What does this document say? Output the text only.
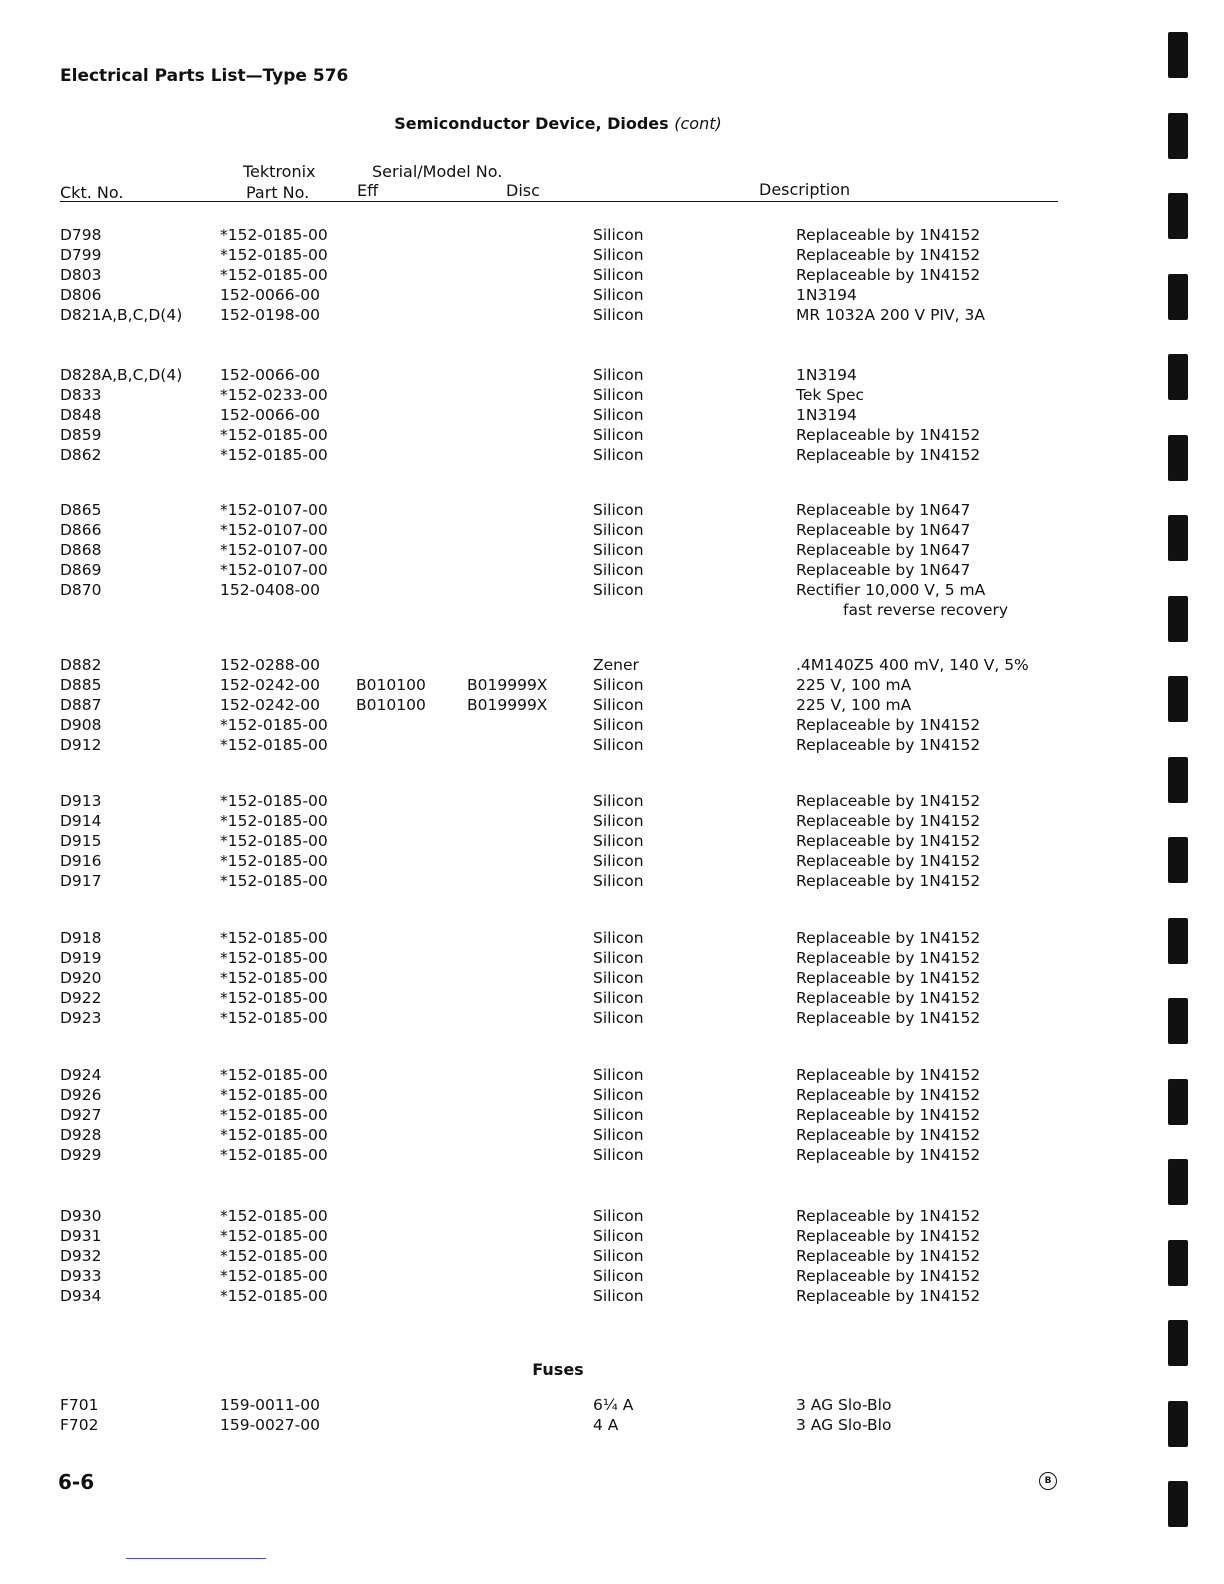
Electrical Parts List—Type 576
Semiconductor Device, Diodes (cont)
Tektronix
Part No.
Serial/Model No.
Ckt. No.	Eff	Disc	Description
D798	*152-0185-00	Silicon	Replaceable by 1N4152
D799	*152-0185-00	Silicon	Replaceable by 1N4152
D803	*152-0185-00	Silicon	Replaceable by 1N4152
D806	152-0066-00	Silicon	1N3194
D821A,B,C,D(4) 152-0198-00	Silicon	MR 1032A 200 V PIV, 3A
D828A,B,C,D(4) 152-0066-00	Silicon	1N3194
D833	*152-0233-00	Silicon	Tek Spec
D848	152-0066-00	Silicon	1N3194
D859	*152-0185-00	Silicon	Replaceable by 1N4152
D862	*152-0185-00	Silicon	Replaceable by 1N4152
D865	*152-0107-00	Silicon	Replaceable by 1N647
D866	*152-0107-00	Silicon	Replaceable by 1N647
D868	*152-0107-00	Silicon	Replaceable by 1N647
D869	*152-0107-00	Silicon	Replaceable by 1N647
D870	152-0408-00	Silicon	Rectifier 10,000 V, 5 mA
fast reverse recovery
D882	152-0288-00	Zener	.4M140Z5 400 mV, 140 V, 5%
D885	152-0242-00 B010100	B019999X	Silicon	225 V, 100 mA
D887	152-0242-00 B010100	B019999X	Silicon	225 V, 100 mA
D908	*152-0185-00	Silicon	Replaceable by 1N4152
D912	*152-0185-00	Silicon	Replaceable by 1N4152
D913	*152-0185-00	Silicon	Replaceable by 1N4152
D914	*152-0185-00	Silicon	Replaceable by 1N4152
D915	*152-0185-00	Silicon	Replaceable by 1N4152
D916	*152-0185-00	Silicon	Replaceable by 1N4152
D917	*152-0185-00	Silicon	Replaceable by 1N4152
D918	*152-0185-00	Silicon	Replaceable by 1N4152
D919	*152-0185-00	Silicon	Replaceable by 1N4152
D920	*152-0185-00	Silicon	Replaceable by 1N4152
D922	*152-0185-00	Silicon	Replaceable by 1N4152
D923	*152-0185-00	Silicon	Replaceable by 1N4152
D924	*152-0185-00	Silicon	Replaceable by 1N4152
D926	*152-0185-00	Silicon	Replaceable by 1N4152
D927	*152-0185-00	Silicon	Replaceable by 1N4152
D928	*152-0185-00	Silicon	Replaceable by 1N4152
D929	*152-0185-00	Silicon	Replaceable by 1N4152
D930	*152-0185-00	Silicon	Replaceable by 1N4152
D931	*152-0185-00	Silicon	Replaceable by 1N4152
D932	*152-0185-00	Silicon	Replaceable by 1N4152
D933	*152-0185-00	Silicon	Replaceable by 1N4152
D934	*152-0185-00	Silicon	Replaceable by 1N4152
Fuses
F701	159-0011-00	6¼ A	3 AG Slo-Blo
F702	159-0027-00	4 A	3 AG Slo-Blo
6-6	B
